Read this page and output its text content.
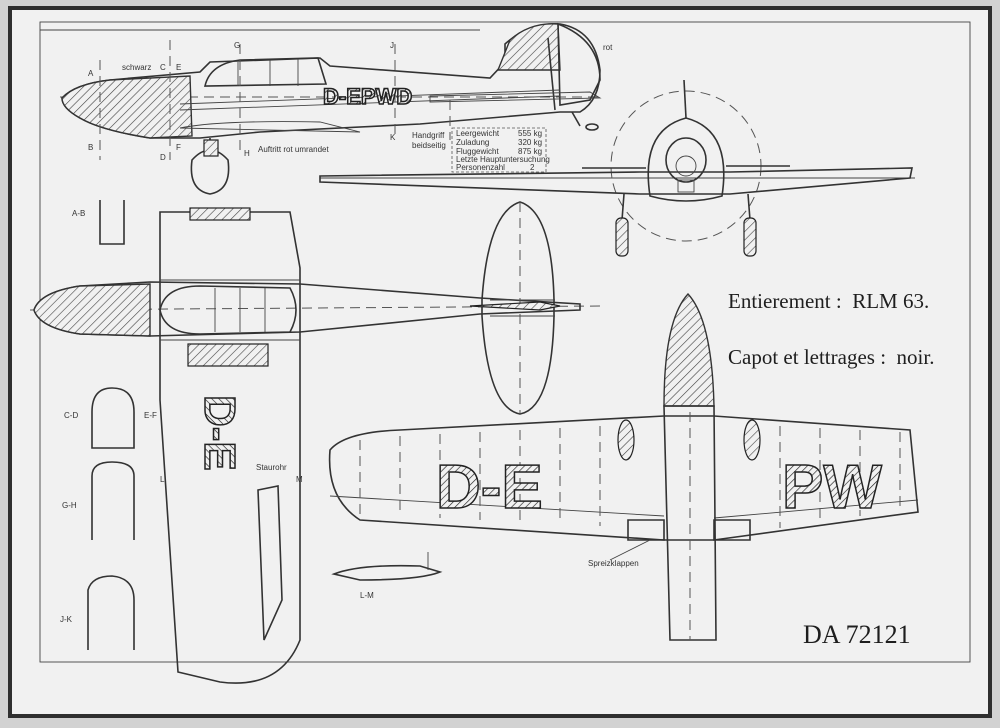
D-EPWD
schwarz
rot
Handgriff
beidseitig
Auftritt rot umrandet
A
B
C
D
E
F
G
H
J
K	Leergewicht 555 kg
Zuladung	320 kg
Fluggewicht 875 kg
Letzte Hauptuntersuchung
Personenzahl	2
D-E Staurohr
M
L
A-B
C-D	E-F
G-H
J-K
L-M
D-E	PW
Spreizklappen
Entierement :  RLM 63.
Capot et lettrages :  noir.
DA 72121
